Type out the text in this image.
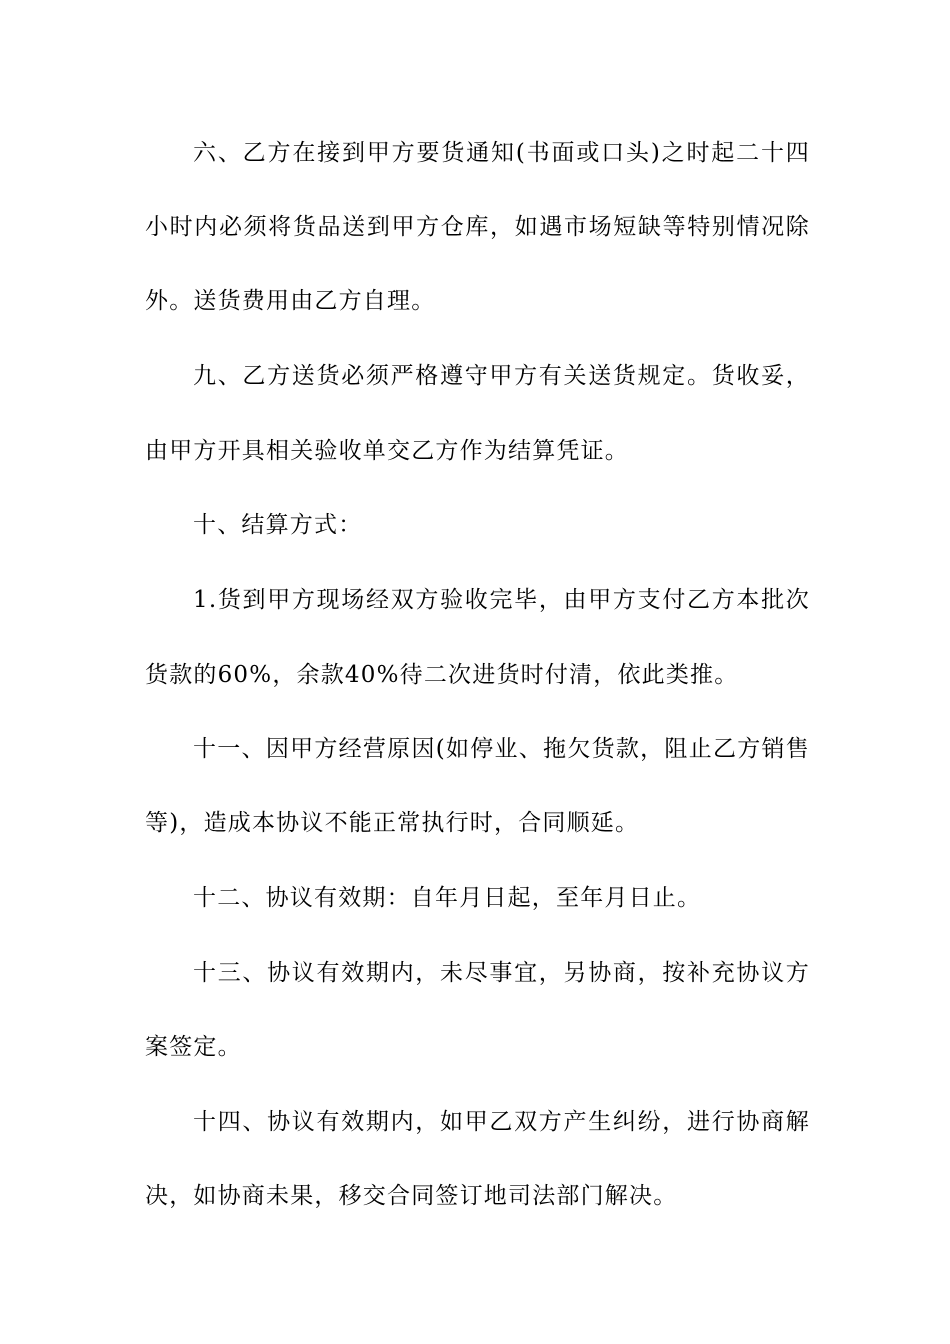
六、乙方在接到甲方要货通知(书面或口头)之时起二十四
小时内必须将货品送到甲方仓库，如遇市场短缺等特别情况除
外。送货费用由乙方自理。
九、乙方送货必须严格遵守甲方有关送货规定。货收妥，
由甲方开具相关验收单交乙方作为结算凭证。
十、结算方式：
1.货到甲方现场经双方验收完毕，由甲方支付乙方本批次
货款的60%，余款40%待二次进货时付清，依此类推。
十一、因甲方经营原因(如停业、拖欠货款，阻止乙方销售
等)，造成本协议不能正常执行时，合同顺延。
十二、协议有效期：自年月日起，至年月日止。
十三、协议有效期内，未尽事宜，另协商，按补充协议方
案签定。
十四、协议有效期内，如甲乙双方产生纠纷，进行协商解
决，如协商未果，移交合同签订地司法部门解决。
